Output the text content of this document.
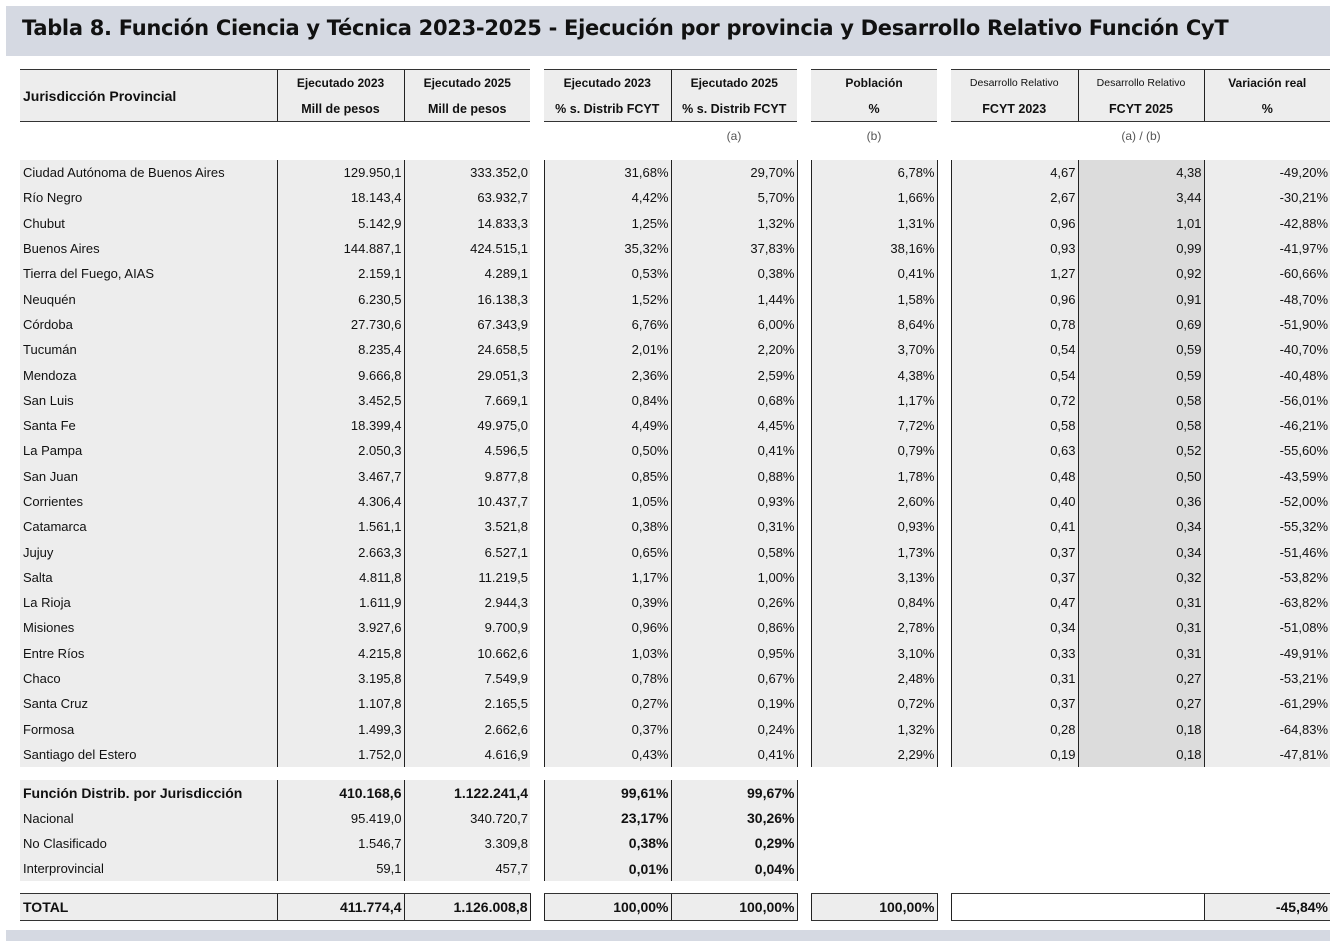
Tabla 8. Función Ciencia y Técnica 2023-2025 - Ejecución por provincia y Desarrollo Relativo Función CyT
Jurisdicción Provincial	Ejecutado 2023	Ejecutado 2025		Ejecutado 2023	Ejecutado 2025		Población		Desarrollo Relativo	Desarrollo Relativo	Variación real
	Mill de pesos	Mill de pesos		% s. Distrib FCYT	% s. Distrib FCYT		%		FCYT 2023	FCYT 2025	%
					(a)		(b)			(a) / (b)	

Ciudad Autónoma de Buenos Aires	129.950,1	333.352,0		31,68%	29,70%		6,78%		4,67	4,38	-49,20%
Río Negro	18.143,4	63.932,7		4,42%	5,70%		1,66%		2,67	3,44	-30,21%
Chubut	5.142,9	14.833,3		1,25%	1,32%		1,31%		0,96	1,01	-42,88%
Buenos Aires	144.887,1	424.515,1		35,32%	37,83%		38,16%		0,93	0,99	-41,97%
Tierra del Fuego, AIAS	2.159,1	4.289,1		0,53%	0,38%		0,41%		1,27	0,92	-60,66%
Neuquén	6.230,5	16.138,3		1,52%	1,44%		1,58%		0,96	0,91	-48,70%
Córdoba	27.730,6	67.343,9		6,76%	6,00%		8,64%		0,78	0,69	-51,90%
Tucumán	8.235,4	24.658,5		2,01%	2,20%		3,70%		0,54	0,59	-40,70%
Mendoza	9.666,8	29.051,3		2,36%	2,59%		4,38%		0,54	0,59	-40,48%
San Luis	3.452,5	7.669,1		0,84%	0,68%		1,17%		0,72	0,58	-56,01%
Santa Fe	18.399,4	49.975,0		4,49%	4,45%		7,72%		0,58	0,58	-46,21%
La Pampa	2.050,3	4.596,5		0,50%	0,41%		0,79%		0,63	0,52	-55,60%
San Juan	3.467,7	9.877,8		0,85%	0,88%		1,78%		0,48	0,50	-43,59%
Corrientes	4.306,4	10.437,7		1,05%	0,93%		2,60%		0,40	0,36	-52,00%
Catamarca	1.561,1	3.521,8		0,38%	0,31%		0,93%		0,41	0,34	-55,32%
Jujuy	2.663,3	6.527,1		0,65%	0,58%		1,73%		0,37	0,34	-51,46%
Salta	4.811,8	11.219,5		1,17%	1,00%		3,13%		0,37	0,32	-53,82%
La Rioja	1.611,9	2.944,3		0,39%	0,26%		0,84%		0,47	0,31	-63,82%
Misiones	3.927,6	9.700,9		0,96%	0,86%		2,78%		0,34	0,31	-51,08%
Entre Ríos	4.215,8	10.662,6		1,03%	0,95%		3,10%		0,33	0,31	-49,91%
Chaco	3.195,8	7.549,9		0,78%	0,67%		2,48%		0,31	0,27	-53,21%
Santa Cruz	1.107,8	2.165,5		0,27%	0,19%		0,72%		0,37	0,27	-61,29%
Formosa	1.499,3	2.662,6		0,37%	0,24%		1,32%		0,28	0,18	-64,83%
Santiago del Estero	1.752,0	4.616,9		0,43%	0,41%		2,29%		0,19	0,18	-47,81%

Función Distrib. por Jurisdicción	410.168,6	1.122.241,4		99,61%	99,67%						
Nacional	95.419,0	340.720,7		23,17%	30,26%						
No Clasificado	1.546,7	3.309,8		0,38%	0,29%						
Interprovincial	59,1	457,7		0,01%	0,04%						

TOTAL	411.774,4	1.126.008,8		100,00%	100,00%		100,00%				-45,84%
